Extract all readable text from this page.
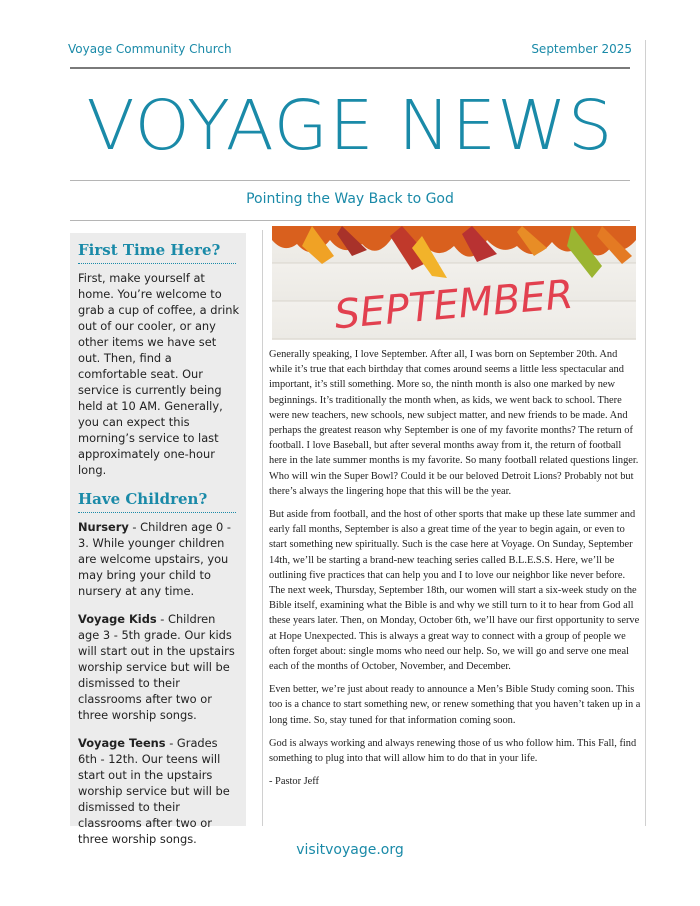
Voyage Community Church	September 2025
VOYAGE NEWS
Pointing the Way Back to God
First Time Here?

First, make yourself at home. You’re welcome to grab a cup of coffee, a drink out of our cooler, or any other items we have set out. Then, find a comfortable seat. Our service is currently being held at 10 AM. Generally, you can expect this morning’s service to last approximately one-hour long.

Have Children?

Nursery - Children age 0 - 3. While younger children are welcome upstairs, you may bring your child to nursery at any time.

Voyage Kids - Children age 3 - 5th grade. Our kids will start out in the upstairs worship service but will be dismissed to their classrooms after two or three worship songs.

Voyage Teens - Grades 6th - 12th. Our teens will start out in the upstairs worship service but will be dismissed to their classrooms after two or three worship songs.

SEPTEMBER

Generally speaking, I love September. After all, I was born on September 20th. And while it’s true that each birthday that comes around seems a little less spectacular and important, it’s still something. More so, the ninth month is also one marked by new beginnings. It’s traditionally the month when, as kids, we went back to school. There were new teachers, new schools, new subject matter, and new friends to be made. And perhaps the greatest reason why September is one of my favorite months? The return of football. I love Baseball, but after several months away from it, the return of football here in the late summer months is my favorite. So many football related questions linger. Who will win the Super Bowl? Could it be our beloved Detroit Lions? Probably not but there’s always the lingering hope that this will be the year.

But aside from football, and the host of other sports that make up these late summer and early fall months, September is also a great time of the year to begin again, or even to start something new spiritually. Such is the case here at Voyage. On Sunday, September 14th, we’ll be starting a brand-new teaching series called B.L.E.S.S. Here, we’ll be outlining five practices that can help you and I to love our neighbor like never before. The next week, Thursday, September 18th, our women will start a six-week study on the Bible itself, examining what the Bible is and why we still turn to it to hear from God all these years later. Then, on Monday, October 6th, we’ll have our first opportunity to serve at Hope Unexpected. This is always a great way to connect with a group of people we often forget about: single moms who need our help. So, we will go and serve one meal each of the months of October, November, and December.

Even better, we’re just about ready to announce a Men’s Bible Study coming soon. This too is a chance to start something new, or renew something that you haven’t taken up in a long time. So, stay tuned for that information coming soon.

God is always working and always renewing those of us who follow him. This Fall, find something to plug into that will allow him to do that in your life.

- Pastor Jeff

visitvoyage.org
